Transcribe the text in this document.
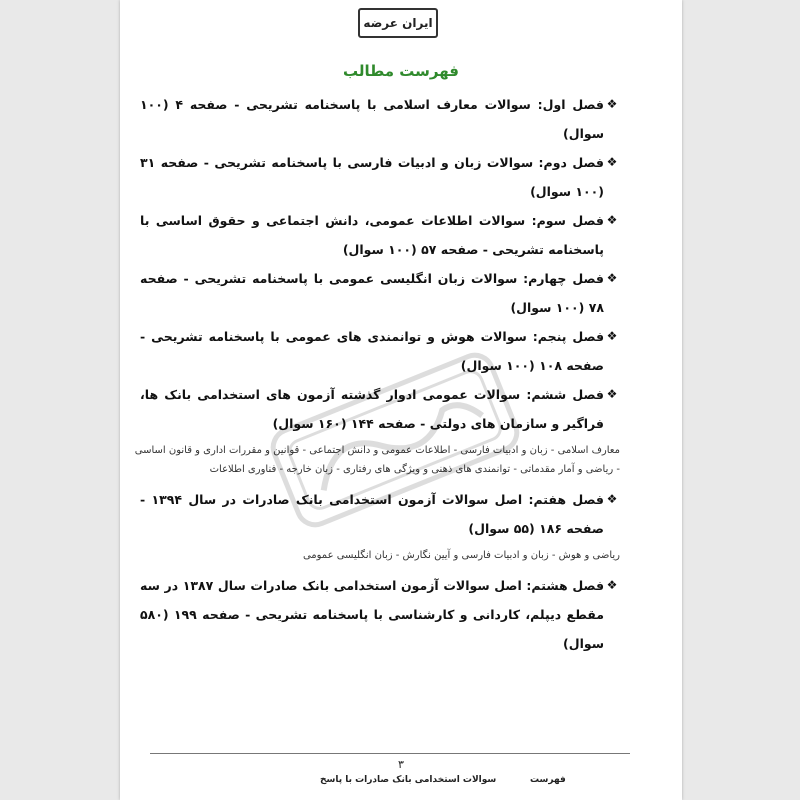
ایران عرضه
فهرست مطالب
❖
فصل اول: سوالات معارف اسلامی با پاسخنامه تشریحی - صفحه ۴ (۱۰۰ سوال)
❖
فصل دوم: سوالات زبان و ادبیات فارسی با پاسخنامه تشریحی - صفحه ۳۱ (۱۰۰ سوال)
❖
فصل سوم: سوالات اطلاعات عمومی، دانش اجتماعی و حقوق اساسی با پاسخنامه تشریحی - صفحه ۵۷ (۱۰۰ سوال)
❖
فصل چهارم: سوالات زبان انگلیسی عمومی با پاسخنامه تشریحی - صفحه ۷۸ (۱۰۰ سوال)
❖
فصل پنجم: سوالات هوش و توانمندی های عمومی با پاسخنامه تشریحی - صفحه ۱۰۸ (۱۰۰ سوال)
❖
فصل ششم: سوالات عمومی ادوار گذشته آزمون های استخدامی بانک ها، فراگیر و سازمان های دولتی - صفحه ۱۴۴ (۱۶۰ سوال)
معارف اسلامی - زبان و ادبیات فارسی - اطلاعات عمومی و دانش اجتماعی - قوانین و مقررات اداری و قانون اساسی
- ریاضی و آمار مقدماتی - توانمندی های ذهنی و ویژگی های رفتاری - زبان خارجه - فناوری اطلاعات
❖
فصل هفتم: اصل سوالات آزمون استخدامی بانک صادرات در سال ۱۳۹۴ - صفحه ۱۸۶ (۵۵ سوال)
ریاضی و هوش - زبان و ادبیات فارسی و آیین نگارش - زبان انگلیسی عمومی
❖
فصل هشتم: اصل سوالات آزمون استخدامی بانک صادرات سال ۱۳۸۷ در سه مقطع دیپلم، کاردانی و کارشناسی با پاسخنامه تشریحی - صفحه ۱۹۹ (۵۸۰ سوال)
۳
سوالات استخدامی بانک صادرات با پاسخ	فهرست
